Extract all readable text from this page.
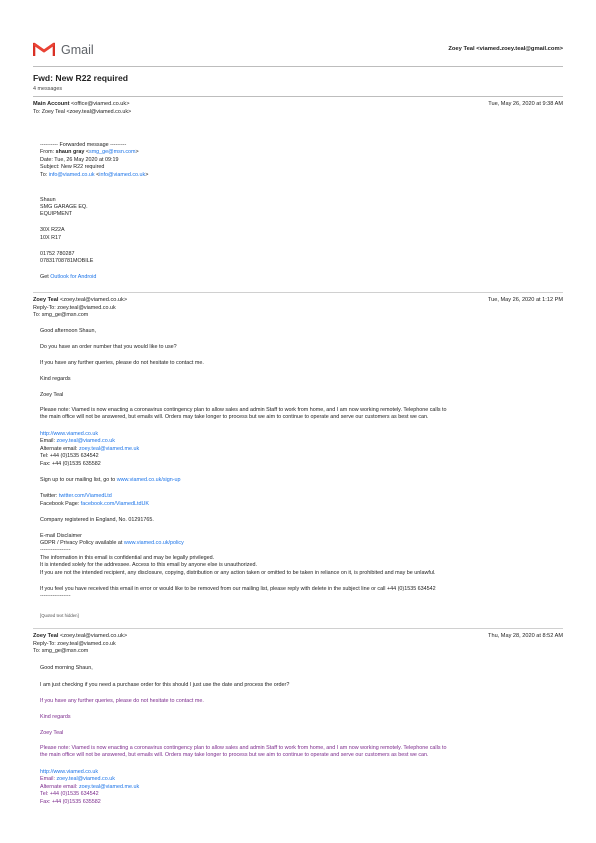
Gmail	Zoey Teal <viamed.zoey.teal@gmail.com>
Fwd: New R22 required
4 messages
Main Account <office@viamed.co.uk>	Tue, May 26, 2020 at 9:38 AM
To: Zoey Teal <zoey.teal@viamed.co.uk>
---------- Forwarded message ---------
From: shaun gray <smg_ge@msn.com>
Date: Tue, 26 May 2020 at 09:19
Subject: New R22 required
To: info@viamed.co.uk <info@viamed.co.uk>
Shaun
SMG GARAGE EQ.
EQUIPMENT
30X R22A
10X R17
01752 780287
07831708781MOBILE
Get Outlook for Android
Zoey Teal <zoey.teal@viamed.co.uk>	Tue, May 26, 2020 at 1:12 PM
Reply-To: zoey.teal@viamed.co.uk
To: smg_ge@msn.com
Good afternoon Shaun,
Do you have an order number that you would like to use?
If you have any further queries, please do not hesitate to contact me.
Kind regards
Zoey Teal
Please note: Viamed is now enacting a coronavirus contingency plan to allow sales and admin Staff to work from home, and I am now working remotely. Telephone calls to
the main office will not be answered, but emails will. Orders may take longer to process but we aim to continue to operate and serve our customers as best we can.
http://www.viamed.co.uk
Email: zoey.teal@viamed.co.uk
Alternate email: zoey.teal@viamed.me.uk
Tel: +44 (0)1535 634542
Fax: +44 (0)1535 635582
Sign up to our mailing list, go to www.viamed.co.uk/sign-up
Twitter: twitter.com/ViamedLtd
Facebook Page: facebook.com/ViamedLtdUK
Company registered in England, No. 01291765.
E-mail Disclaimer
GDPR / Privacy Policy available at www.viamed.co.uk/policy
-----------------
The information in this email is confidential and may be legally privileged.
It is intended solely for the addressee. Access to this email by anyone else is unauthorized.
If you are not the intended recipient, any disclosure, copying, distribution or any action taken or omitted to be taken in reliance on it, is prohibited and may be unlawful.
If you feel you have received this email in error or would like to be removed from our mailing list, please reply with delete in the subject line or call +44 (0)1535 634542
-----------------
[Quoted text hidden]
Zoey Teal <zoey.teal@viamed.co.uk>	Thu, May 28, 2020 at 8:52 AM
Reply-To: zoey.teal@viamed.co.uk
To: smg_ge@msn.com
Good morning Shaun,
I am just checking if you need a purchase order for this should I just use the date and process the order?
If you have any further queries, please do not hesitate to contact me.
Kind regards
Zoey Teal
Please note: Viamed is now enacting a coronavirus contingency plan to allow sales and admin Staff to work from home, and I am now working remotely. Telephone calls to
the main office will not be answered, but emails will. Orders may take longer to process but we aim to continue to operate and serve our customers as best we can.
http://www.viamed.co.uk
Email: zoey.teal@viamed.co.uk
Alternate email: zoey.teal@viamed.me.uk
Tel: +44 (0)1535 634542
Fax: +44 (0)1535 635582
